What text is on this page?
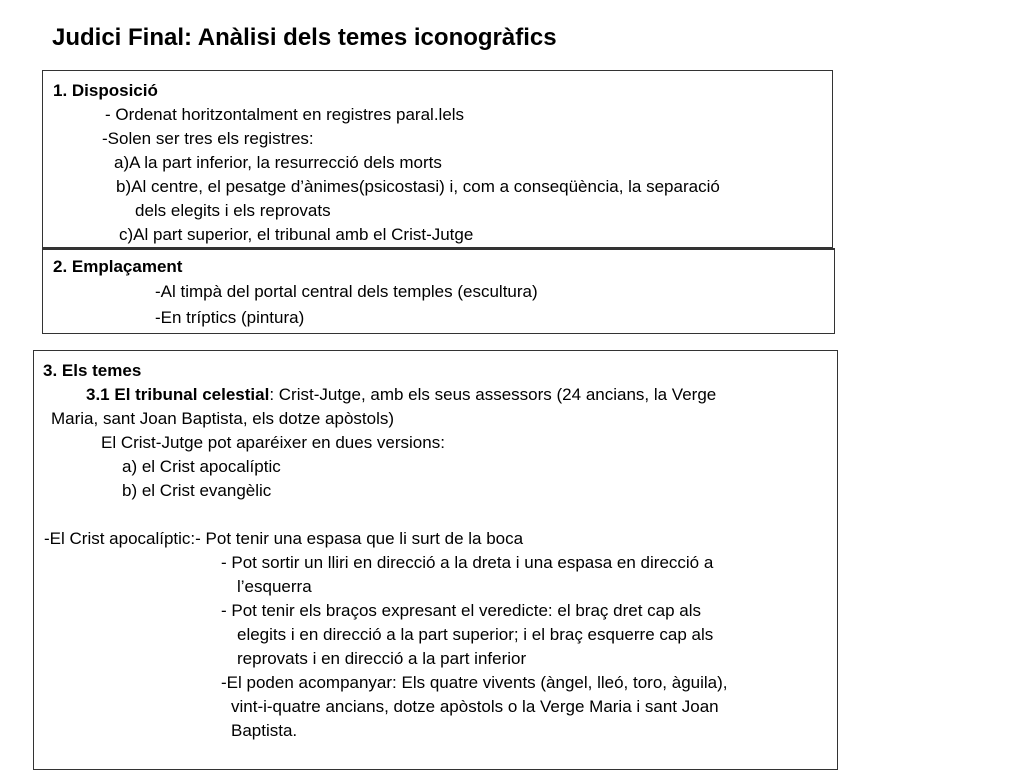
Judici Final: Anàlisi dels temes iconogràfics
1. Disposició
- Ordenat horitzontalment en registres paral.lels
-Solen ser tres els registres:
a)A la part inferior, la resurrecció dels morts
b)Al centre, el pesatge d’ànimes(psicostasi) i, com a conseqüència, la separació
dels elegits i els reprovats
c)Al part superior, el tribunal amb el Crist-Jutge
2. Emplaçament
-Al timpà del portal central dels temples (escultura)
-En tríptics (pintura)
3. Els temes
3.1 El tribunal celestial: Crist-Jutge, amb els seus assessors (24 ancians, la Verge
Maria, sant Joan Baptista, els dotze apòstols)
El Crist-Jutge pot aparéixer en dues versions:
a) el Crist apocalíptic
b) el Crist evangèlic
-El Crist apocalíptic:- Pot tenir una espasa que li surt de la boca
- Pot sortir un lliri en direcció a la dreta i una espasa en direcció a
l’esquerra
- Pot tenir els braços expresant el veredicte: el braç dret cap als
elegits i en direcció a la part superior; i el braç esquerre cap als
reprovats i en direcció a la part inferior
-El poden acompanyar: Els quatre vivents (àngel, lleó, toro, àguila),
vint-i-quatre ancians, dotze apòstols o la Verge Maria i sant Joan
Baptista.
